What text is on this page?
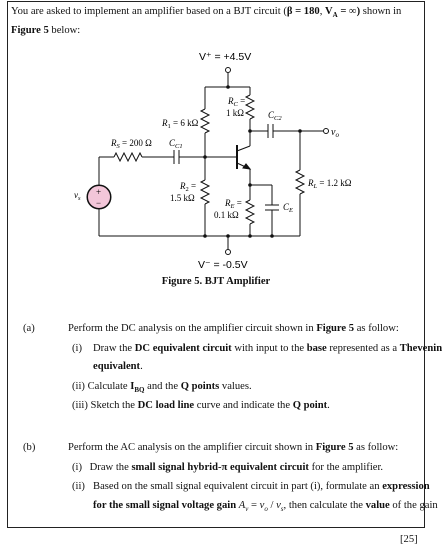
You are asked to implement an amplifier based on a BJT circuit (β = 180, $V_A$ = ∞) shown in
Figure 5 below:
V⁺ = +4.5V
V⁻ = -0.5V
$R_C$ =
1 kΩ
$R_1 = 6$ kΩ
$C_{C2}$
$v_o$
$R_S = 200$ Ω $C_{C1}$
$R_2$ =
1.5 kΩ	$R_E$ =
0.1 kΩ
$C_E$
$R_L = 1.2$ kΩ
$v_s$
+
−
Figure 5. BJT Amplifier
(a)	Perform the DC analysis on the amplifier circuit shown in Figure 5 as follow:
(i) Draw the DC equivalent circuit with input to the base represented as a Thevenin
equivalent.
(ii) Calculate $I_{BQ}$ and the Q points values.
(iii) Sketch the DC load line curve and indicate the Q point.
(b)	Perform the AC analysis on the amplifier circuit shown in Figure 5 as follow:
(i) Draw the small signal hybrid-π equivalent circuit for the amplifier.
(ii) Based on the small signal equivalent circuit in part (i), formulate an expression
for the small signal voltage gain $A_v = v_o / v_s$, then calculate the value of the gain
[25]
